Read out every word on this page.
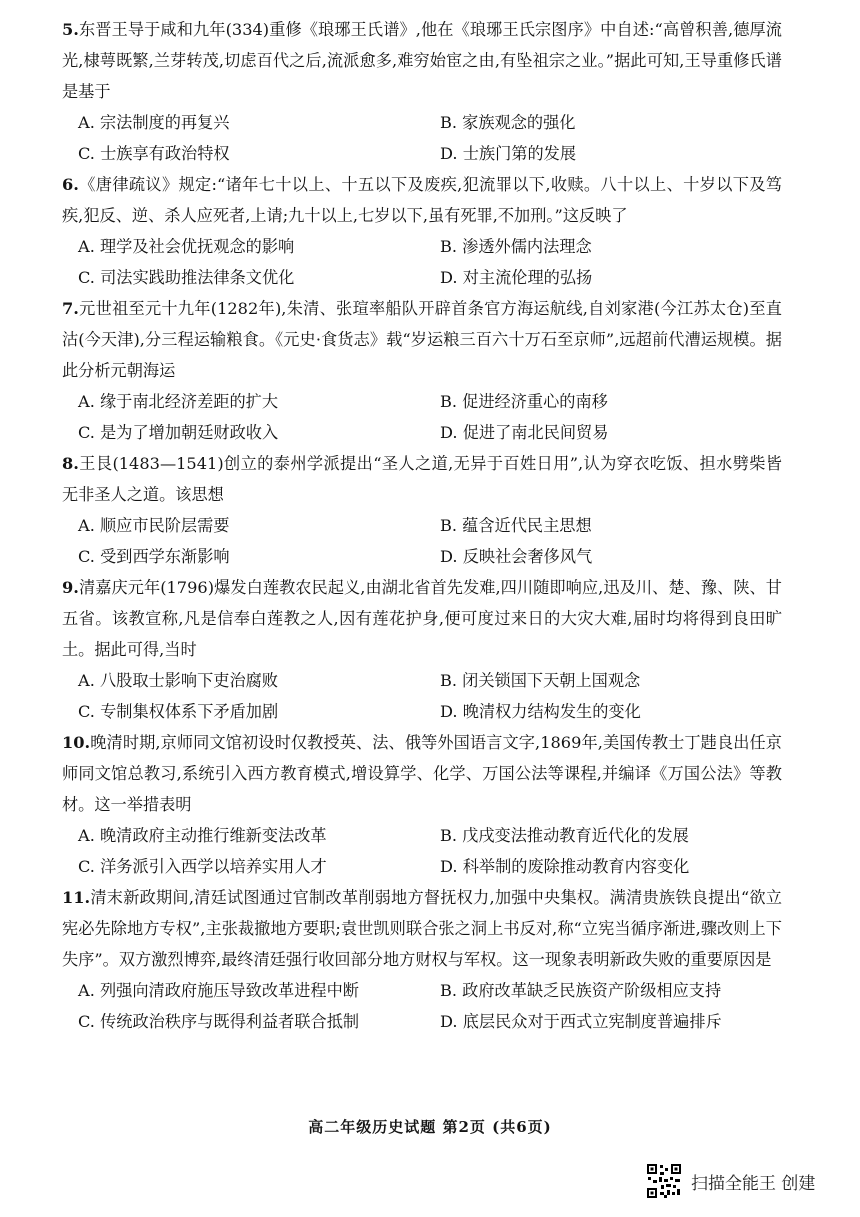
5.东晋王导于咸和九年(334)重修《琅琊王氏谱》,他在《琅琊王氏宗图序》中自述:“高曾积善,德厚流光,棣萼既繁,兰芽转茂,切虑百代之后,流派愈多,难穷始宦之由,有坠祖宗之业。”据此可知,王导重修氏谱是基于

A. 宗法制度的再复兴	B. 家族观念的强化
C. 士族享有政治特权	D. 士族门第的发展

6.《唐律疏议》规定:“诸年七十以上、十五以下及废疾,犯流罪以下,收赎。八十以上、十岁以下及笃疾,犯反、逆、杀人应死者,上请;九十以上,七岁以下,虽有死罪,不加刑。”这反映了

A. 理学及社会优抚观念的影响	B. 渗透外儒内法理念
C. 司法实践助推法律条文优化	D. 对主流伦理的弘扬

7.元世祖至元十九年(1282年),朱清、张瑄率船队开辟首条官方海运航线,自刘家港(今江苏太仓)至直沽(今天津),分三程运输粮食。《元史·食货志》载“岁运粮三百六十万石至京师”,远超前代漕运规模。据此分析元朝海运

A. 缘于南北经济差距的扩大	B. 促进经济重心的南移
C. 是为了增加朝廷财政收入	D. 促进了南北民间贸易

8.王艮(1483—1541)创立的泰州学派提出“圣人之道,无异于百姓日用”,认为穿衣吃饭、担水劈柴皆无非圣人之道。该思想

A. 顺应市民阶层需要	B. 蕴含近代民主思想
C. 受到西学东渐影响	D. 反映社会奢侈风气

9.清嘉庆元年(1796)爆发白莲教农民起义,由湖北省首先发难,四川随即响应,迅及川、楚、豫、陕、甘五省。该教宣称,凡是信奉白莲教之人,因有莲花护身,便可度过来日的大灾大难,届时均将得到良田旷土。据此可得,当时

A. 八股取士影响下吏治腐败	B. 闭关锁国下天朝上国观念
C. 专制集权体系下矛盾加剧	D. 晚清权力结构发生的变化

10.晚清时期,京师同文馆初设时仅教授英、法、俄等外国语言文字,1869年,美国传教士丁韪良出任京师同文馆总教习,系统引入西方教育模式,增设算学、化学、万国公法等课程,并编译《万国公法》等教材。这一举措表明

A. 晚清政府主动推行维新变法改革	B. 戊戌变法推动教育近代化的发展
C. 洋务派引入西学以培养实用人才	D. 科举制的废除推动教育内容变化

11.清末新政期间,清廷试图通过官制改革削弱地方督抚权力,加强中央集权。满清贵族铁良提出“欲立宪必先除地方专权”,主张裁撤地方要职;袁世凯则联合张之洞上书反对,称“立宪当循序渐进,骤改则上下失序”。双方激烈博弈,最终清廷强行收回部分地方财权与军权。这一现象表明新政失败的重要原因是

A. 列强向清政府施压导致改革进程中断	B. 政府改革缺乏民族资产阶级相应支持
C. 传统政治秩序与既得利益者联合抵制	D. 底层民众对于西式立宪制度普遍排斥
高二年级历史试题 第2页 (共6页)
扫描全能王 创建
